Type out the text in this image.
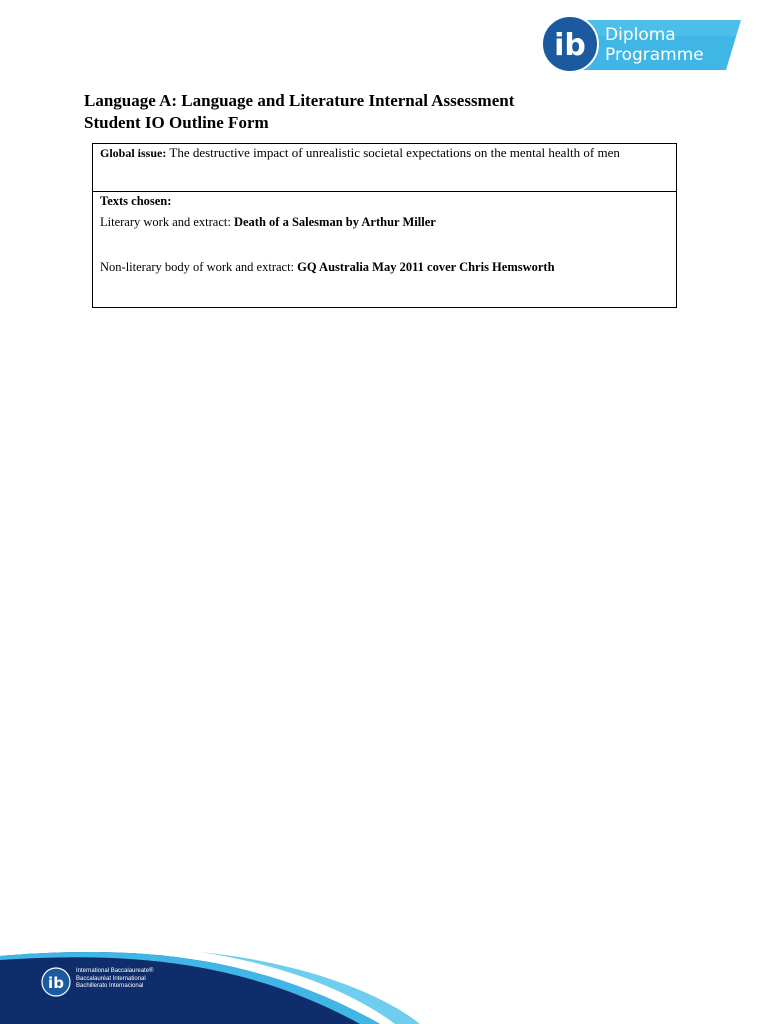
ib Diploma
Programme

Language A: Language and Literature Internal Assessment

Student IO Outline Form

Global issue: The destructive impact of unrealistic societal expectations on the mental health of men
Texts chosen:
Literary work and extract: Death of a Salesman by Arthur Miller
Non-literary body of work and extract: GQ Australia May 2011 cover Chris Hemsworth
ib
International Baccalaureate®
Baccalauréat International
Bachillerato Internacional
